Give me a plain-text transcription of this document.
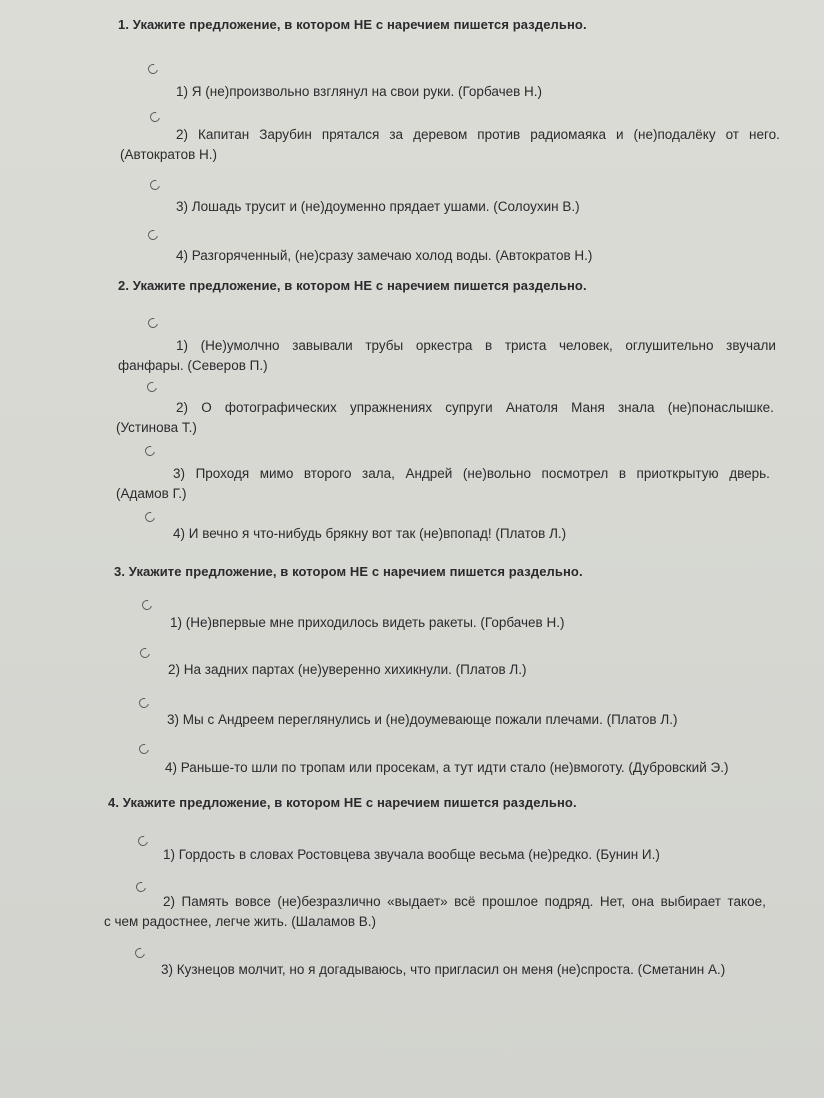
1. Укажите предложение, в котором НЕ с наречием пишется раздельно.
1) Я (не)произвольно взглянул на свои руки. (Горбачев Н.)
2) Капитан Зарубин прятался за деревом против радиомаяка и (не)подалёку от него.
(Автократов Н.)
3) Лошадь трусит и (не)доуменно прядает ушами. (Солоухин В.)
4) Разгоряченный, (не)сразу замечаю холод воды. (Автократов Н.)
2. Укажите предложение, в котором НЕ с наречием пишется раздельно.
1) (Не)умолчно завывали трубы оркестра в триста человек, оглушительно звучали
фанфары. (Северов П.)
2) О фотографических упражнениях супруги Анатоля Маня знала (не)понаслышке.
(Устинова Т.)
3) Проходя мимо второго зала, Андрей (не)вольно посмотрел в приоткрытую дверь.
(Адамов Г.)
4) И вечно я что-нибудь брякну вот так (не)впопад! (Платов Л.)
3. Укажите предложение, в котором НЕ с наречием пишется раздельно.
1) (Не)впервые мне приходилось видеть ракеты. (Горбачев Н.)
2) На задних партах (не)уверенно хихикнули. (Платов Л.)
3) Мы с Андреем переглянулись и (не)доумевающе пожали плечами. (Платов Л.)
4) Раньше-то шли по тропам или просекам, а тут идти стало (не)вмоготу. (Дубровский Э.)
4. Укажите предложение, в котором НЕ с наречием пишется раздельно.
1) Гордость в словах Ростовцева звучала вообще весьма (не)редко. (Бунин И.)
2) Память вовсе (не)безразлично «выдает» всё прошлое подряд. Нет, она выбирает такое,
с чем радостнее, легче жить. (Шаламов В.)
3) Кузнецов молчит, но я догадываюсь, что пригласил он меня (не)спроста. (Сметанин А.)
